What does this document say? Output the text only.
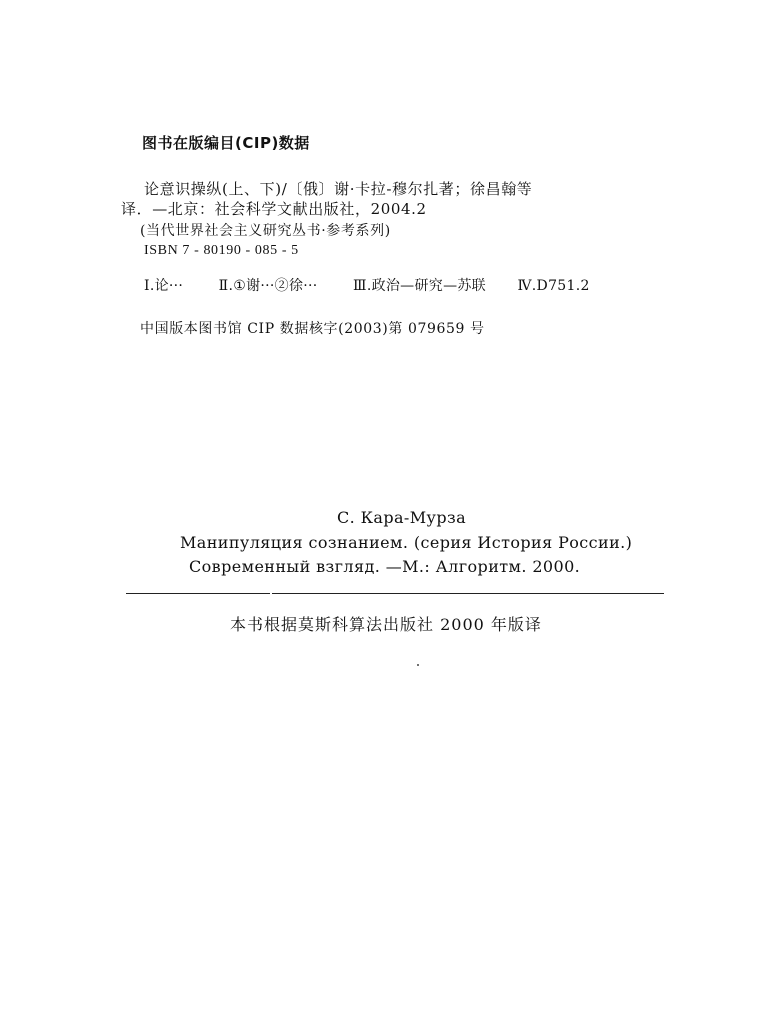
图书在版编目(CIP)数据
论意识操纵(上、下)/〔俄〕谢·卡拉-穆尔扎著；徐昌翰等
译．—北京：社会科学文献出版社，2004.2
(当代世界社会主义研究丛书·参考系列)
ISBN 7 - 80190 - 085 - 5
Ⅰ.论···	Ⅱ.①谢···②徐···	Ⅲ.政治—研究—苏联 Ⅳ.D751.2
中国版本图书馆 CIP 数据核字(2003)第 079659 号
С. Кара-Мурза
Манипуляция сознанием. (серия История России.)
Современный взгляд. —М.: Алгоритм. 2000.
本书根据莫斯科算法出版社 2000 年版译
